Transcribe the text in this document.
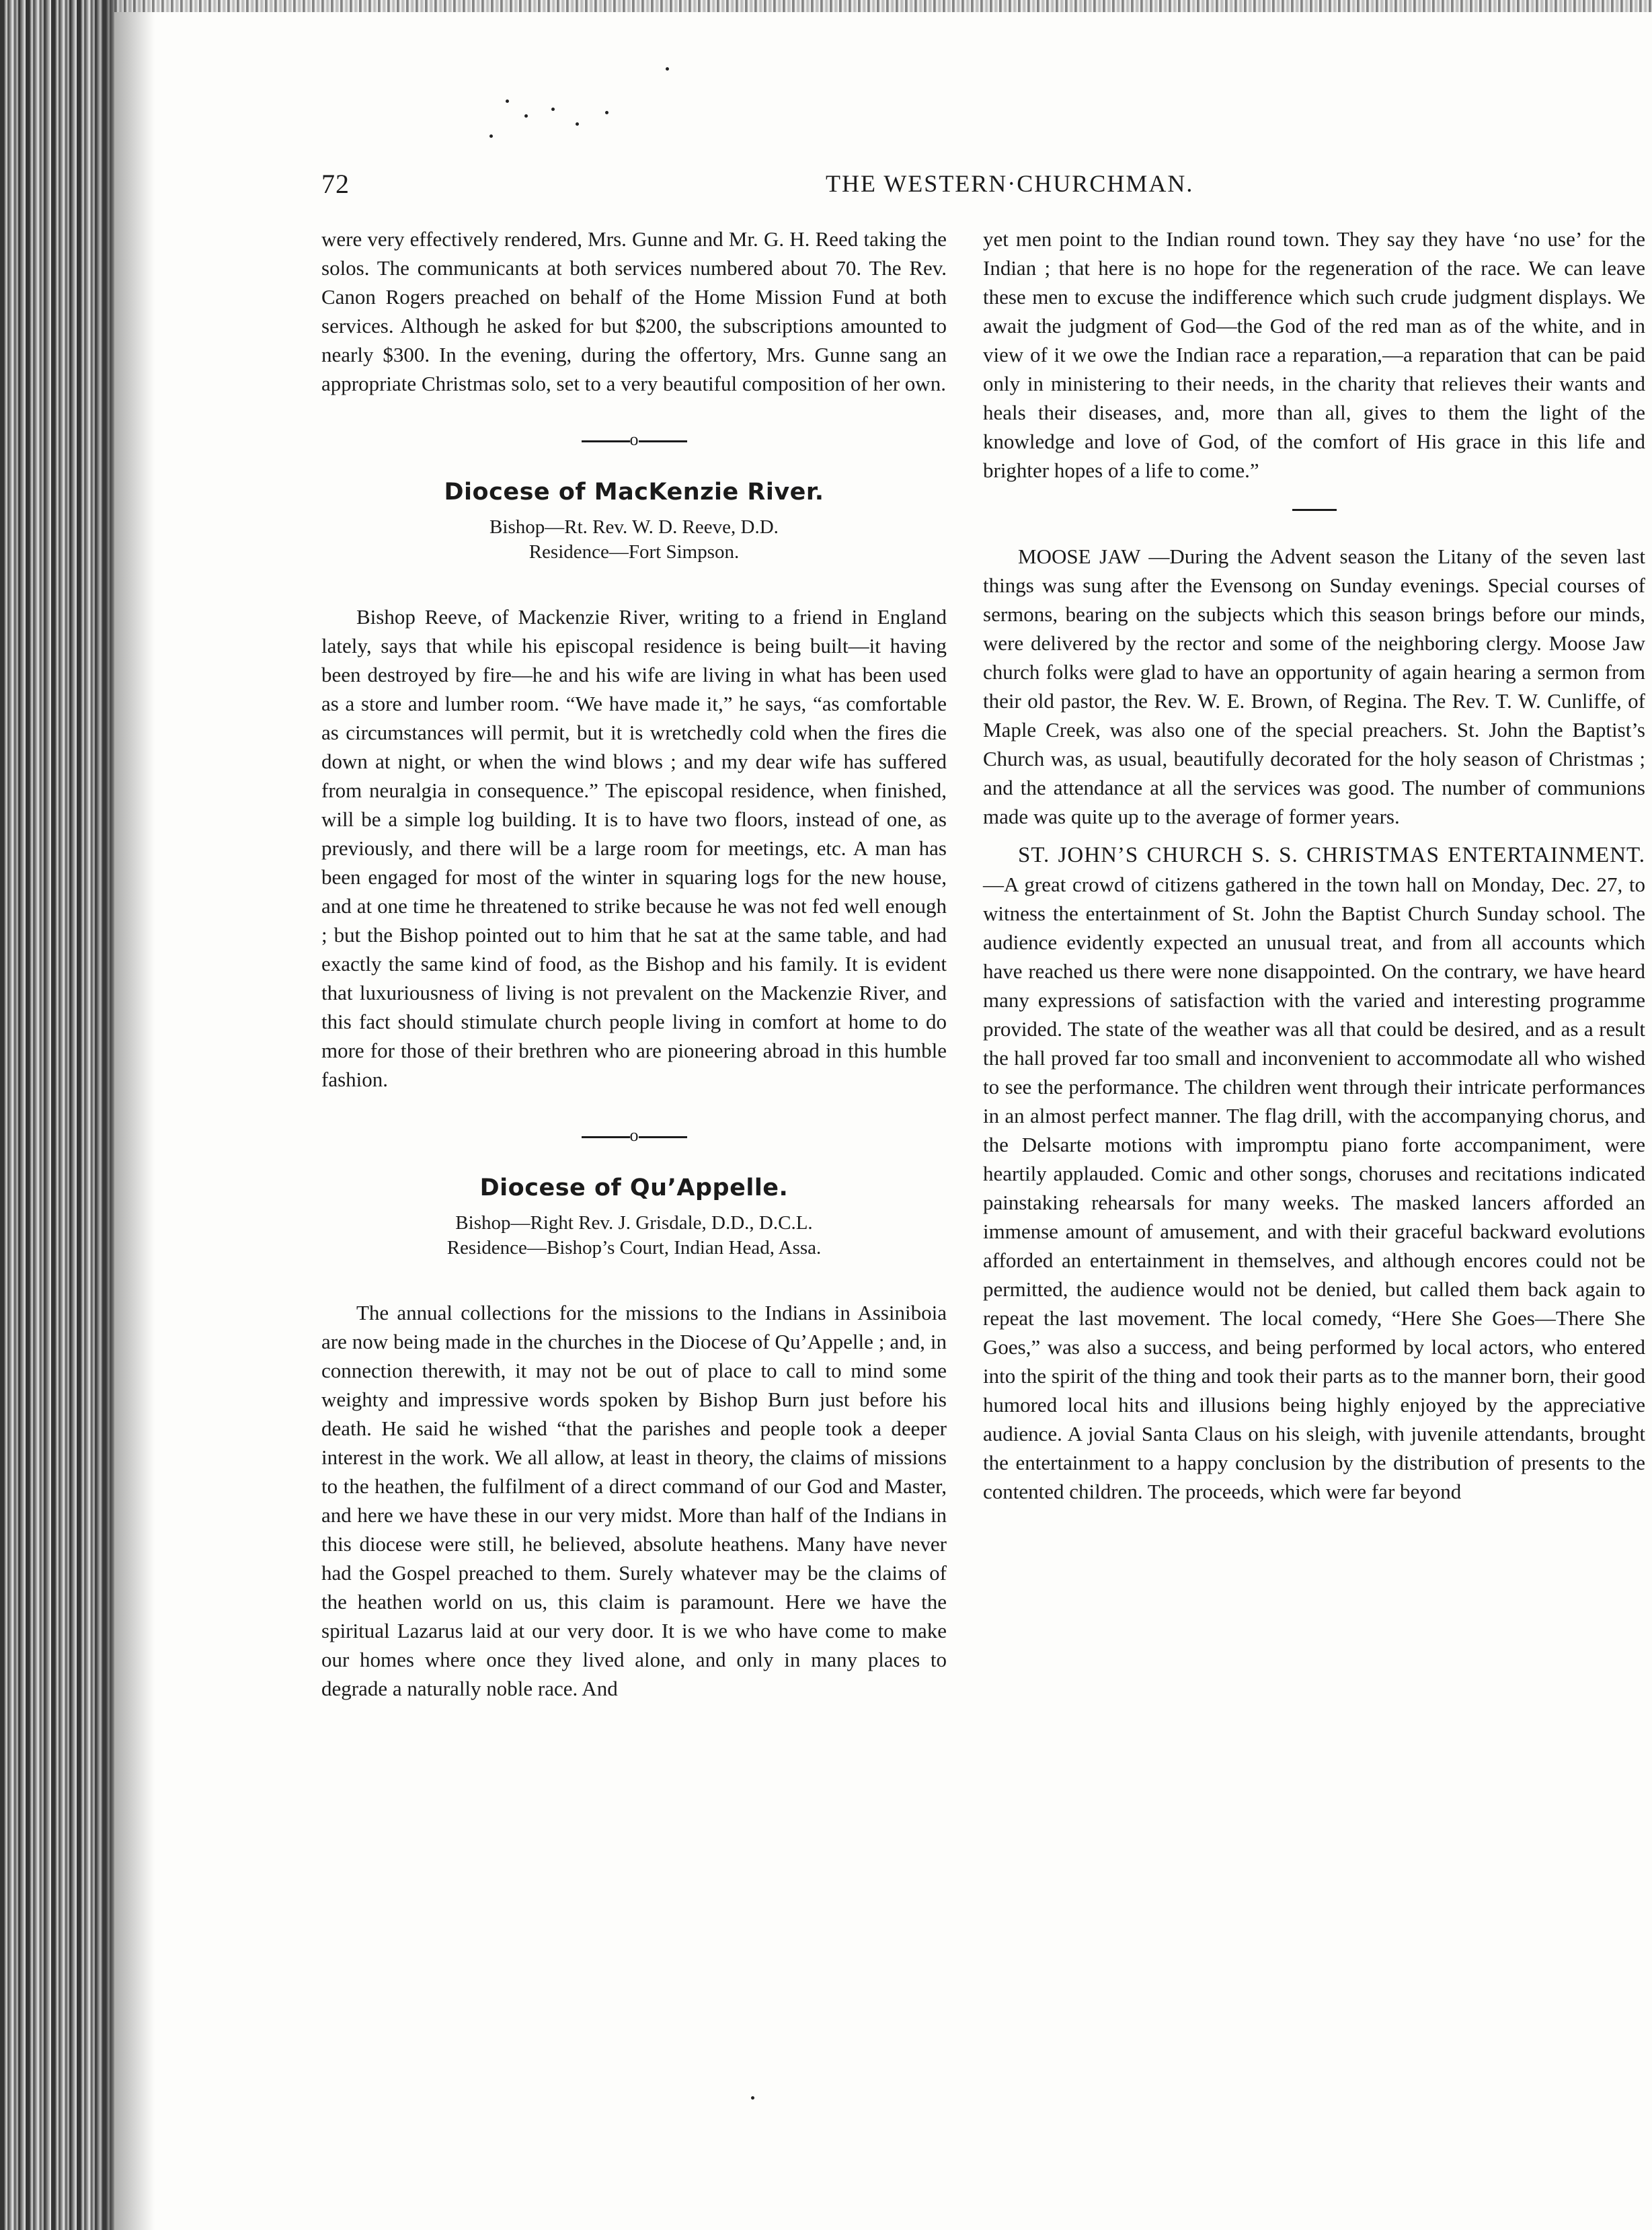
72	THE WESTERN·CHURCHMAN.

were very effectively rendered, Mrs. Gunne and Mr. G. H. Reed taking the solos. The communicants at both services numbered about 70. The Rev. Canon Rogers preached on behalf of the Home Mission Fund at both services. Although he asked for but $200, the subscriptions amounted to nearly $300. In the evening, during the offertory, Mrs. Gunne sang an appropriate Christmas solo, set to a very beautiful composition of her own.

o
Diocese of MacKenzie River.
Bishop—Rt. Rev. W. D. Reeve, D.D.
Residence—Fort Simpson.

Bishop Reeve, of Mackenzie River, writing to a friend in England lately, says that while his episcopal residence is being built—it having been destroyed by fire—he and his wife are living in what has been used as a store and lumber room. “We have made it,” he says, “as comfortable as circumstances will permit, but it is wretchedly cold when the fires die down at night, or when the wind blows ; and my dear wife has suffered from neuralgia in consequence.” The episcopal residence, when finished, will be a simple log building. It is to have two floors, instead of one, as previously, and there will be a large room for meetings, etc. A man has been engaged for most of the winter in squaring logs for the new house, and at one time he threatened to strike because he was not fed well enough ; but the Bishop pointed out to him that he sat at the same table, and had exactly the same kind of food, as the Bishop and his family. It is evident that luxuriousness of living is not prevalent on the Mackenzie River, and this fact should stimulate church people living in comfort at home to do more for those of their brethren who are pioneering abroad in this humble fashion.

o
Diocese of Qu’Appelle.
Bishop—Right Rev. J. Grisdale, D.D., D.C.L.
Residence—Bishop’s Court, Indian Head, Assa.

The annual collections for the missions to the Indians in Assiniboia are now being made in the churches in the Diocese of Qu’Appelle ; and, in connection therewith, it may not be out of place to call to mind some weighty and impressive words spoken by Bishop Burn just before his death. He said he wished “that the parishes and people took a deeper interest in the work. We all allow, at least in theory, the claims of missions to the heathen, the fulfilment of a direct command of our God and Master, and here we have these in our very midst. More than half of the Indians in this diocese were still, he believed, absolute heathens. Many have never had the Gospel preached to them. Surely whatever may be the claims of the heathen world on us, this claim is paramount. Here we have the spiritual Lazarus laid at our very door. It is we who have come to make our homes where once they lived alone, and only in many places to degrade a naturally noble race. And

yet men point to the Indian round town. They say they have ‘no use’ for the Indian ; that here is no hope for the regeneration of the race. We can leave these men to excuse the indifference which such crude judgment displays. We await the judgment of God—the God of the red man as of the white, and in view of it we owe the Indian race a reparation,—a reparation that can be paid only in ministering to their needs, in the charity that relieves their wants and heals their diseases, and, more than all, gives to them the light of the knowledge and love of God, of the comfort of His grace in this life and brighter hopes of a life to come.”

MOOSE JAW —During the Advent season the Litany of the seven last things was sung after the Evensong on Sunday evenings. Special courses of sermons, bearing on the subjects which this season brings before our minds, were delivered by the rector and some of the neighboring clergy. Moose Jaw church folks were glad to have an opportunity of again hearing a sermon from their old pastor, the Rev. W. E. Brown, of Regina. The Rev. T. W. Cunliffe, of Maple Creek, was also one of the special preachers. St. John the Baptist’s Church was, as usual, beautifully decorated for the holy season of Christmas ; and the attendance at all the services was good. The number of communions made was quite up to the average of former years.

ST. JOHN’S CHURCH S. S. CHRISTMAS ENTERTAINMENT.—A great crowd of citizens gathered in the town hall on Monday, Dec. 27, to witness the entertainment of St. John the Baptist Church Sunday school. The audience evidently expected an unusual treat, and from all accounts which have reached us there were none disappointed. On the contrary, we have heard many expressions of satisfaction with the varied and interesting programme provided. The state of the weather was all that could be desired, and as a result the hall proved far too small and inconvenient to accommodate all who wished to see the performance. The children went through their intricate performances in an almost perfect manner. The flag drill, with the accompanying chorus, and the Delsarte motions with impromptu piano forte accompaniment, were heartily applauded. Comic and other songs, choruses and recitations indicated painstaking rehearsals for many weeks. The masked lancers afforded an immense amount of amusement, and with their graceful backward evolutions afforded an entertainment in themselves, and although encores could not be permitted, the audience would not be denied, but called them back again to repeat the last movement. The local comedy, “Here She Goes—There She Goes,” was also a success, and being performed by local actors, who entered into the spirit of the thing and took their parts as to the manner born, their good humored local hits and illusions being highly enjoyed by the appreciative audience. A jovial Santa Claus on his sleigh, with juvenile attendants, brought the entertainment to a happy conclusion by the distribution of presents to the contented children. The proceeds, which were far beyond
